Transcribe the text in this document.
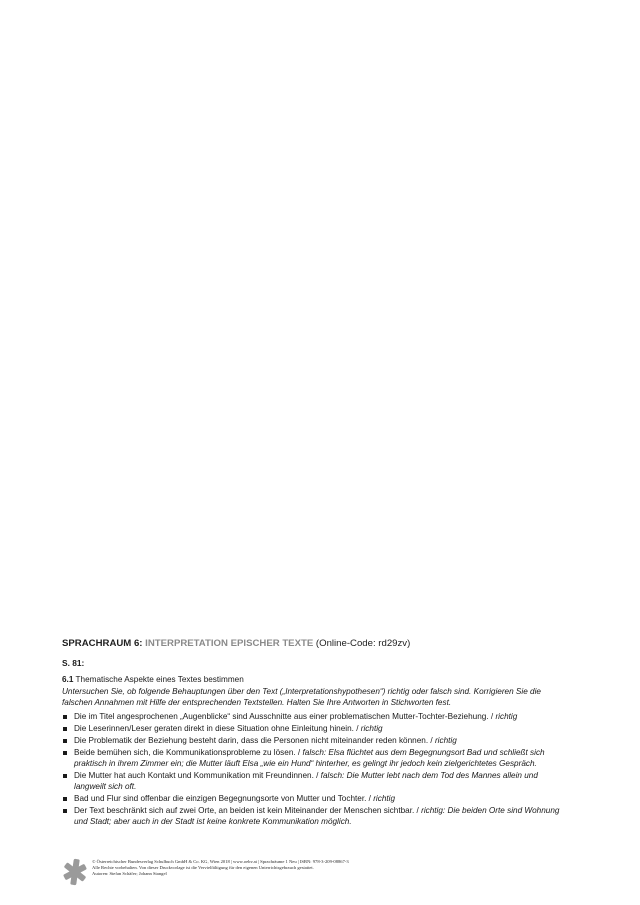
SPRACHRAUM 6: INTERPRETATION EPISCHER TEXTE (Online-Code: rd29zv)

S. 81:
6.1 Thematische Aspekte eines Textes bestimmen
Untersuchen Sie, ob folgende Behauptungen über den Text („Interpretationshypothesen“) richtig oder falsch sind. Korrigieren Sie die falschen Annahmen mit Hilfe der entsprechenden Textstellen. Halten Sie Ihre Antworten in Stichworten fest.
Die im Titel angesprochenen „Augenblicke“ sind Ausschnitte aus einer problematischen Mutter-Tochter-Beziehung. / richtig
Die Leserinnen/Leser geraten direkt in diese Situation ohne Einleitung hinein. / richtig
Die Problematik der Beziehung besteht darin, dass die Personen nicht miteinander reden können. / richtig
Beide bemühen sich, die Kommunikationsprobleme zu lösen. / falsch: Elsa flüchtet aus dem Begegnungsort Bad und schließt sich praktisch in ihrem Zimmer ein; die Mutter läuft Elsa „wie ein Hund“ hinterher, es gelingt ihr jedoch kein zielgerichtetes Gespräch.
Die Mutter hat auch Kontakt und Kommunikation mit Freundinnen. / falsch: Die Mutter lebt nach dem Tod des Mannes allein und langweilt sich oft.
Bad und Flur sind offenbar die einzigen Begegnungsorte von Mutter und Tochter. / richtig
Der Text beschränkt sich auf zwei Orte, an beiden ist kein Miteinander der Menschen sichtbar. / richtig: Die beiden Orte sind Wohnung und Stadt; aber auch in der Stadt ist keine konkrete Kommunikation möglich.
© Österreichischer Bundesverlag Schulbuch GmbH & Co. KG, Wien 2018 | www.oebv.at | Sprachräume 1 Neu | ISBN: 978-3-209-08867-3
Alle Rechte vorbehalten. Von dieser Druckvorlage ist die Vervielfältigung für den eigenen Unterrichtsgebrauch gestattet.
Autoren: Stefan Schäfer; Johann Stangel
